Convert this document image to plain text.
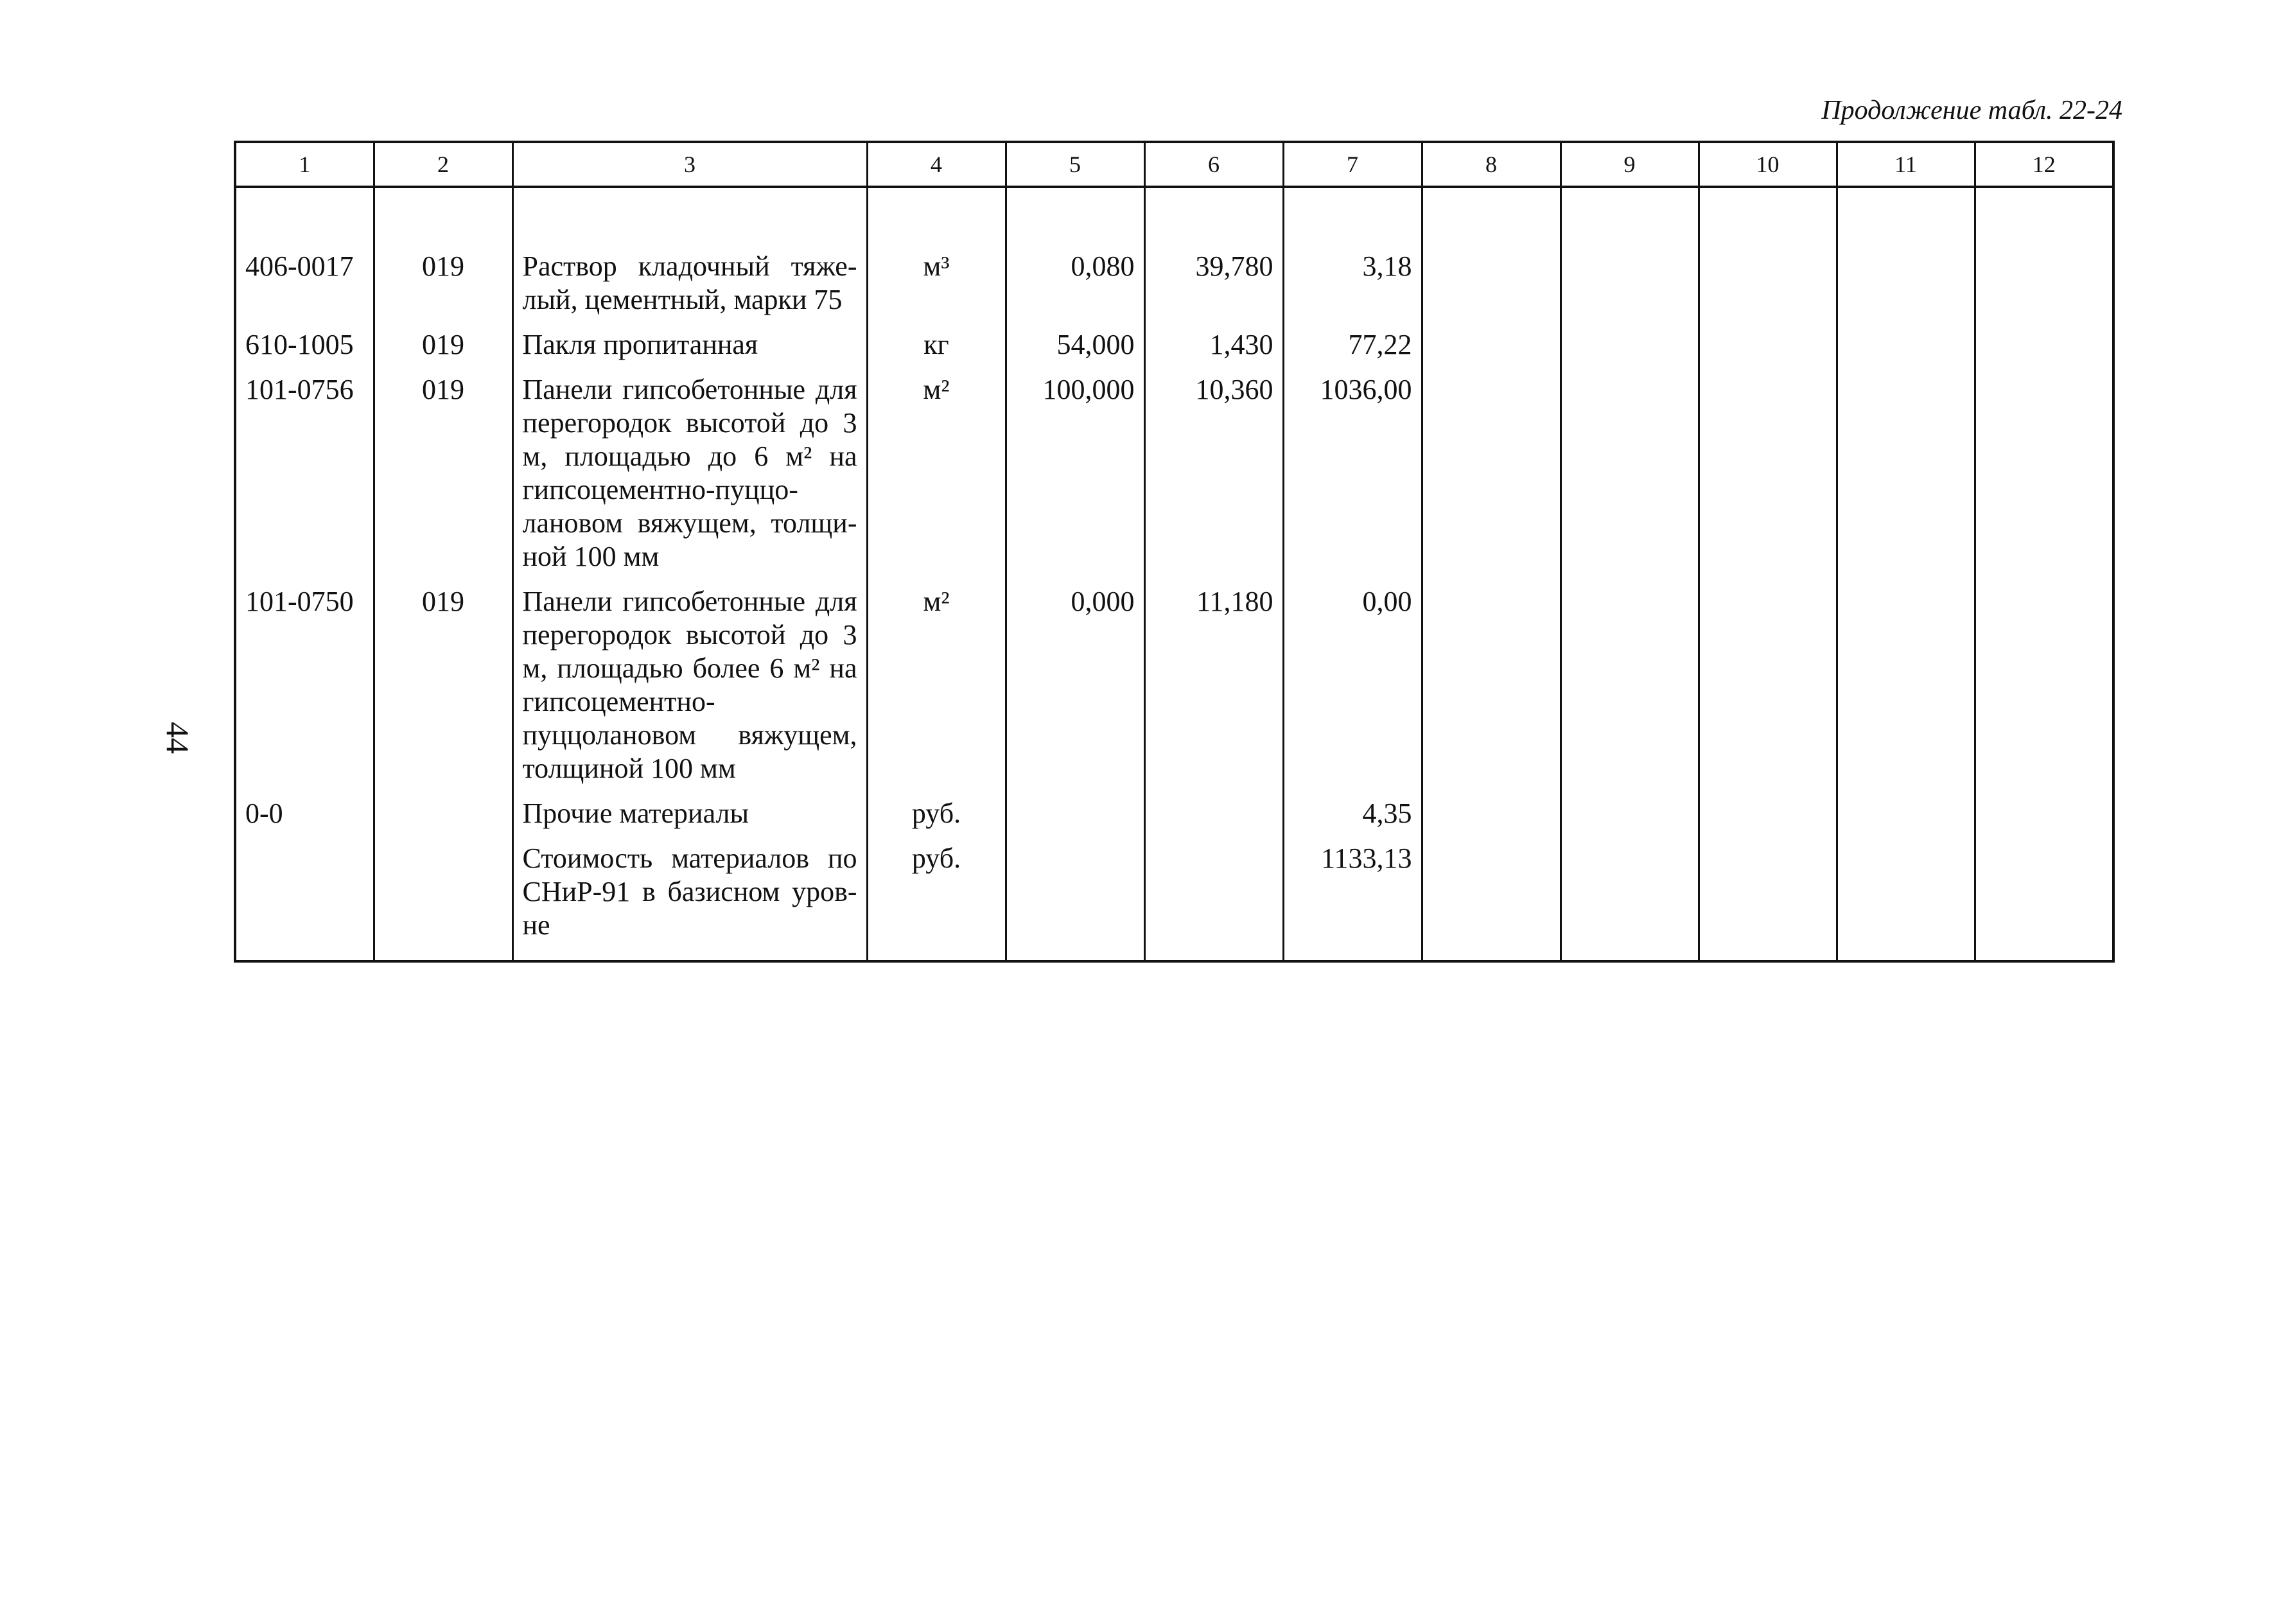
Продолжение табл. 22-24
44
1	2	3	4	5	6	7	8	9	10	11	12
406-0017	019	Раствор кладочный тяже-лый, цементный, марки 75	м³	0,080	39,780	3,18					
610-1005	019	Пакля пропитанная	кг	54,000	1,430	77,22					
101-0756	019	Панели гипсобетонные для перегородок высотой до 3 м, площадью до 6 м² на гипсоцементно-пуццо-лановом вяжущем, толщи-ной 100 мм	м²	100,000	10,360	1036,00					
101-0750	019	Панели гипсобетонные для перегородок высотой до 3 м, площадью более 6 м² на гипсоцементно-пуццолановом вяжущем, толщиной 100 мм	м²	0,000	11,180	0,00					
0-0		Прочие материалы	руб.			4,35					
		Стоимость материалов по СНиР-91 в базисном уров-не	руб.			1133,13					
